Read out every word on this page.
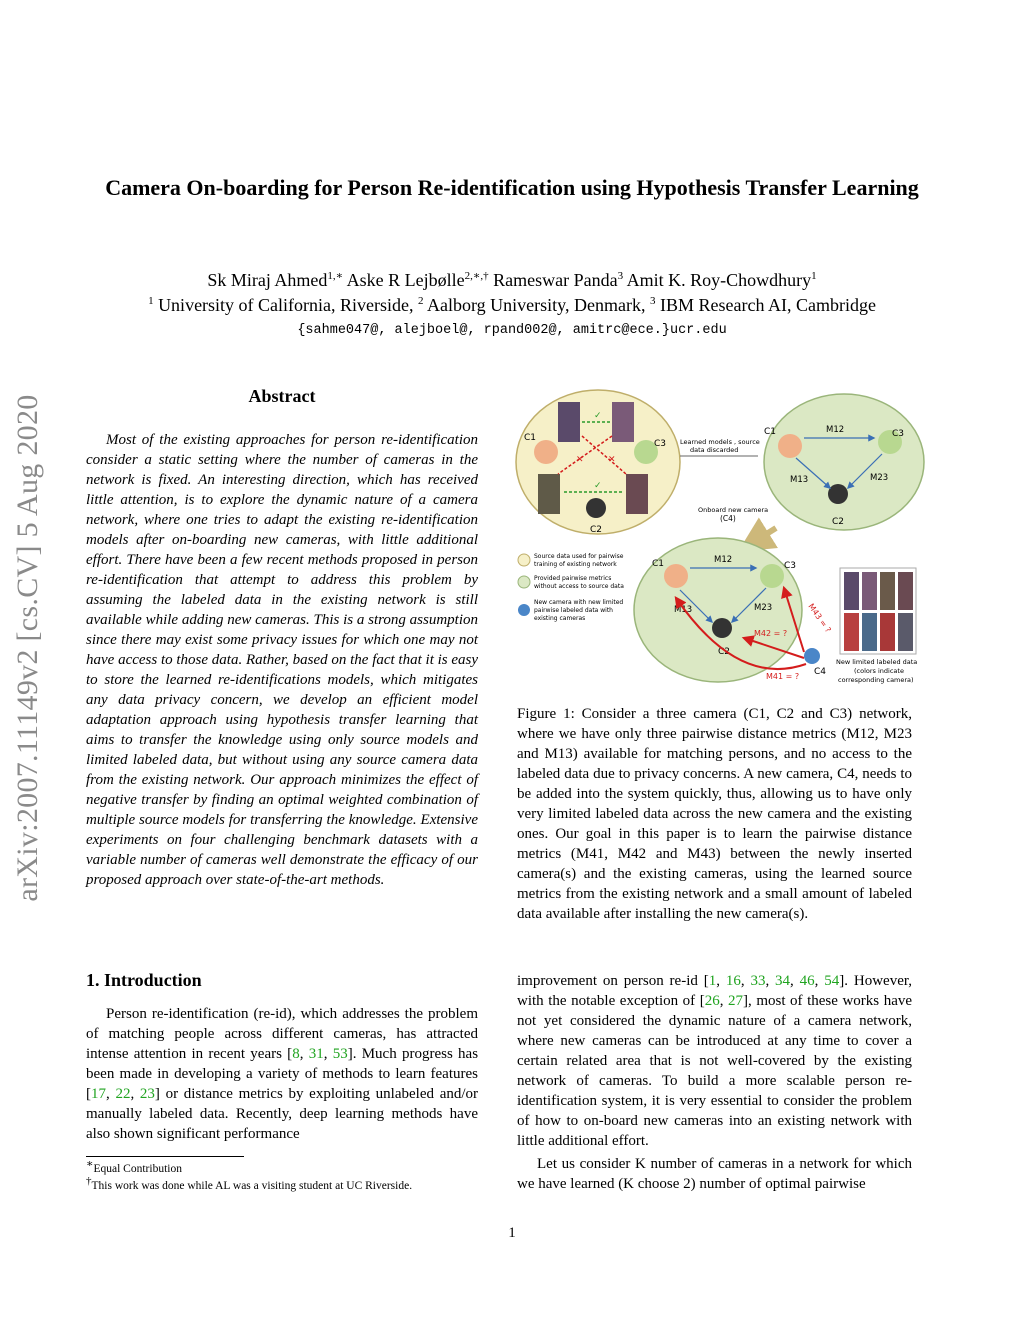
Camera On-boarding for Person Re-identification using Hypothesis Transfer Learning
Sk Miraj Ahmed$^{1,∗}$ Aske R Lejbølle$^{2,∗,\dagger}$ Rameswar Panda$^3$ Amit K. Roy-Chowdhury$^1$
$^1$ University of California, Riverside, $^2$ Aalborg University, Denmark, $^3$ IBM Research AI, Cambridge
{sahme047@, alejboel@, rpand002@, amitrc@ece.}ucr.edu
arXiv:2007.11149v2 [cs.CV] 5 Aug 2020	Abstract
Most of the existing approaches for person re-identification consider a static setting where the number of cameras in the network is fixed. An interesting direction, which has received little attention, is to explore the dynamic nature of a camera network, where one tries to adapt the existing re-identification models after on-boarding new cameras, with little additional effort. There have been a few recent methods proposed in person re-identification that attempt to address this problem by assuming the labeled data in the existing network is still available while adding new cameras. This is a strong assumption since there may exist some privacy issues for which one may not have access to those data. Rather, based on the fact that it is easy to store the learned re-identifications models, which mitigates any data privacy concern, we develop an efficient model adaptation approach using hypothesis transfer learning that aims to transfer the knowledge using only source models and limited labeled data, but without using any source camera data from the existing network. Our approach minimizes the effect of negative transfer by finding an optimal weighted combination of multiple source models for transferring the knowledge. Extensive experiments on four challenging benchmark datasets with a variable number of cameras well demonstrate the efficacy of our proposed approach over state-of-the-art methods.
1. Introduction
Person re-identification (re-id), which addresses the problem of matching people across different cameras, has attracted intense attention in recent years [8, 31, 53]. Much progress has been made in developing a variety of methods to learn features [17, 22, 23] or distance metrics by exploiting unlabeled and/or manually labeled data. Recently, deep learning methods have also shown significant performance
∗Equal Contribution
†This work was done while AL was a visiting student at UC Riverside.
✓
✓
✕	✕
C1
C3
C2
Learned models , source
data discarded
C1	C3
C2
M12
M13	M23
Onboard new camera
(C4)
Source data used for pairwise
training of existing network
Provided pairwise metrics
without access to source data
New camera with new limited
pairwise labeled data with
existing cameras
C1	C3
C2
M12
M13	M23
C4
M42 = ?
M41 = ?
M43 = ?
New limited labeled data
(colors indicate
corresponding camera)
Figure 1: Consider a three camera (C1, C2 and C3) network, where we have only three pairwise distance metrics (M12, M23 and M13) available for matching persons, and no access to the labeled data due to privacy concerns. A new camera, C4, needs to be added into the system quickly, thus, allowing us to have only very limited labeled data across the new camera and the existing ones. Our goal in this paper is to learn the pairwise distance metrics (M41, M42 and M43) between the newly inserted camera(s) and the existing cameras, using the learned source metrics from the existing network and a small amount of labeled data available after installing the new camera(s).
improvement on person re-id [1, 16, 33, 34, 46, 54]. However, with the notable exception of [26, 27], most of these works have not yet considered the dynamic nature of a camera network, where new cameras can be introduced at any time to cover a certain related area that is not well-covered by the existing network of cameras. To build a more scalable person re-identification system, it is very essential to consider the problem of how to on-board new cameras into an existing network with little additional effort.
Let us consider K number of cameras in a network for which we have learned (K choose 2) number of optimal pairwise
1
